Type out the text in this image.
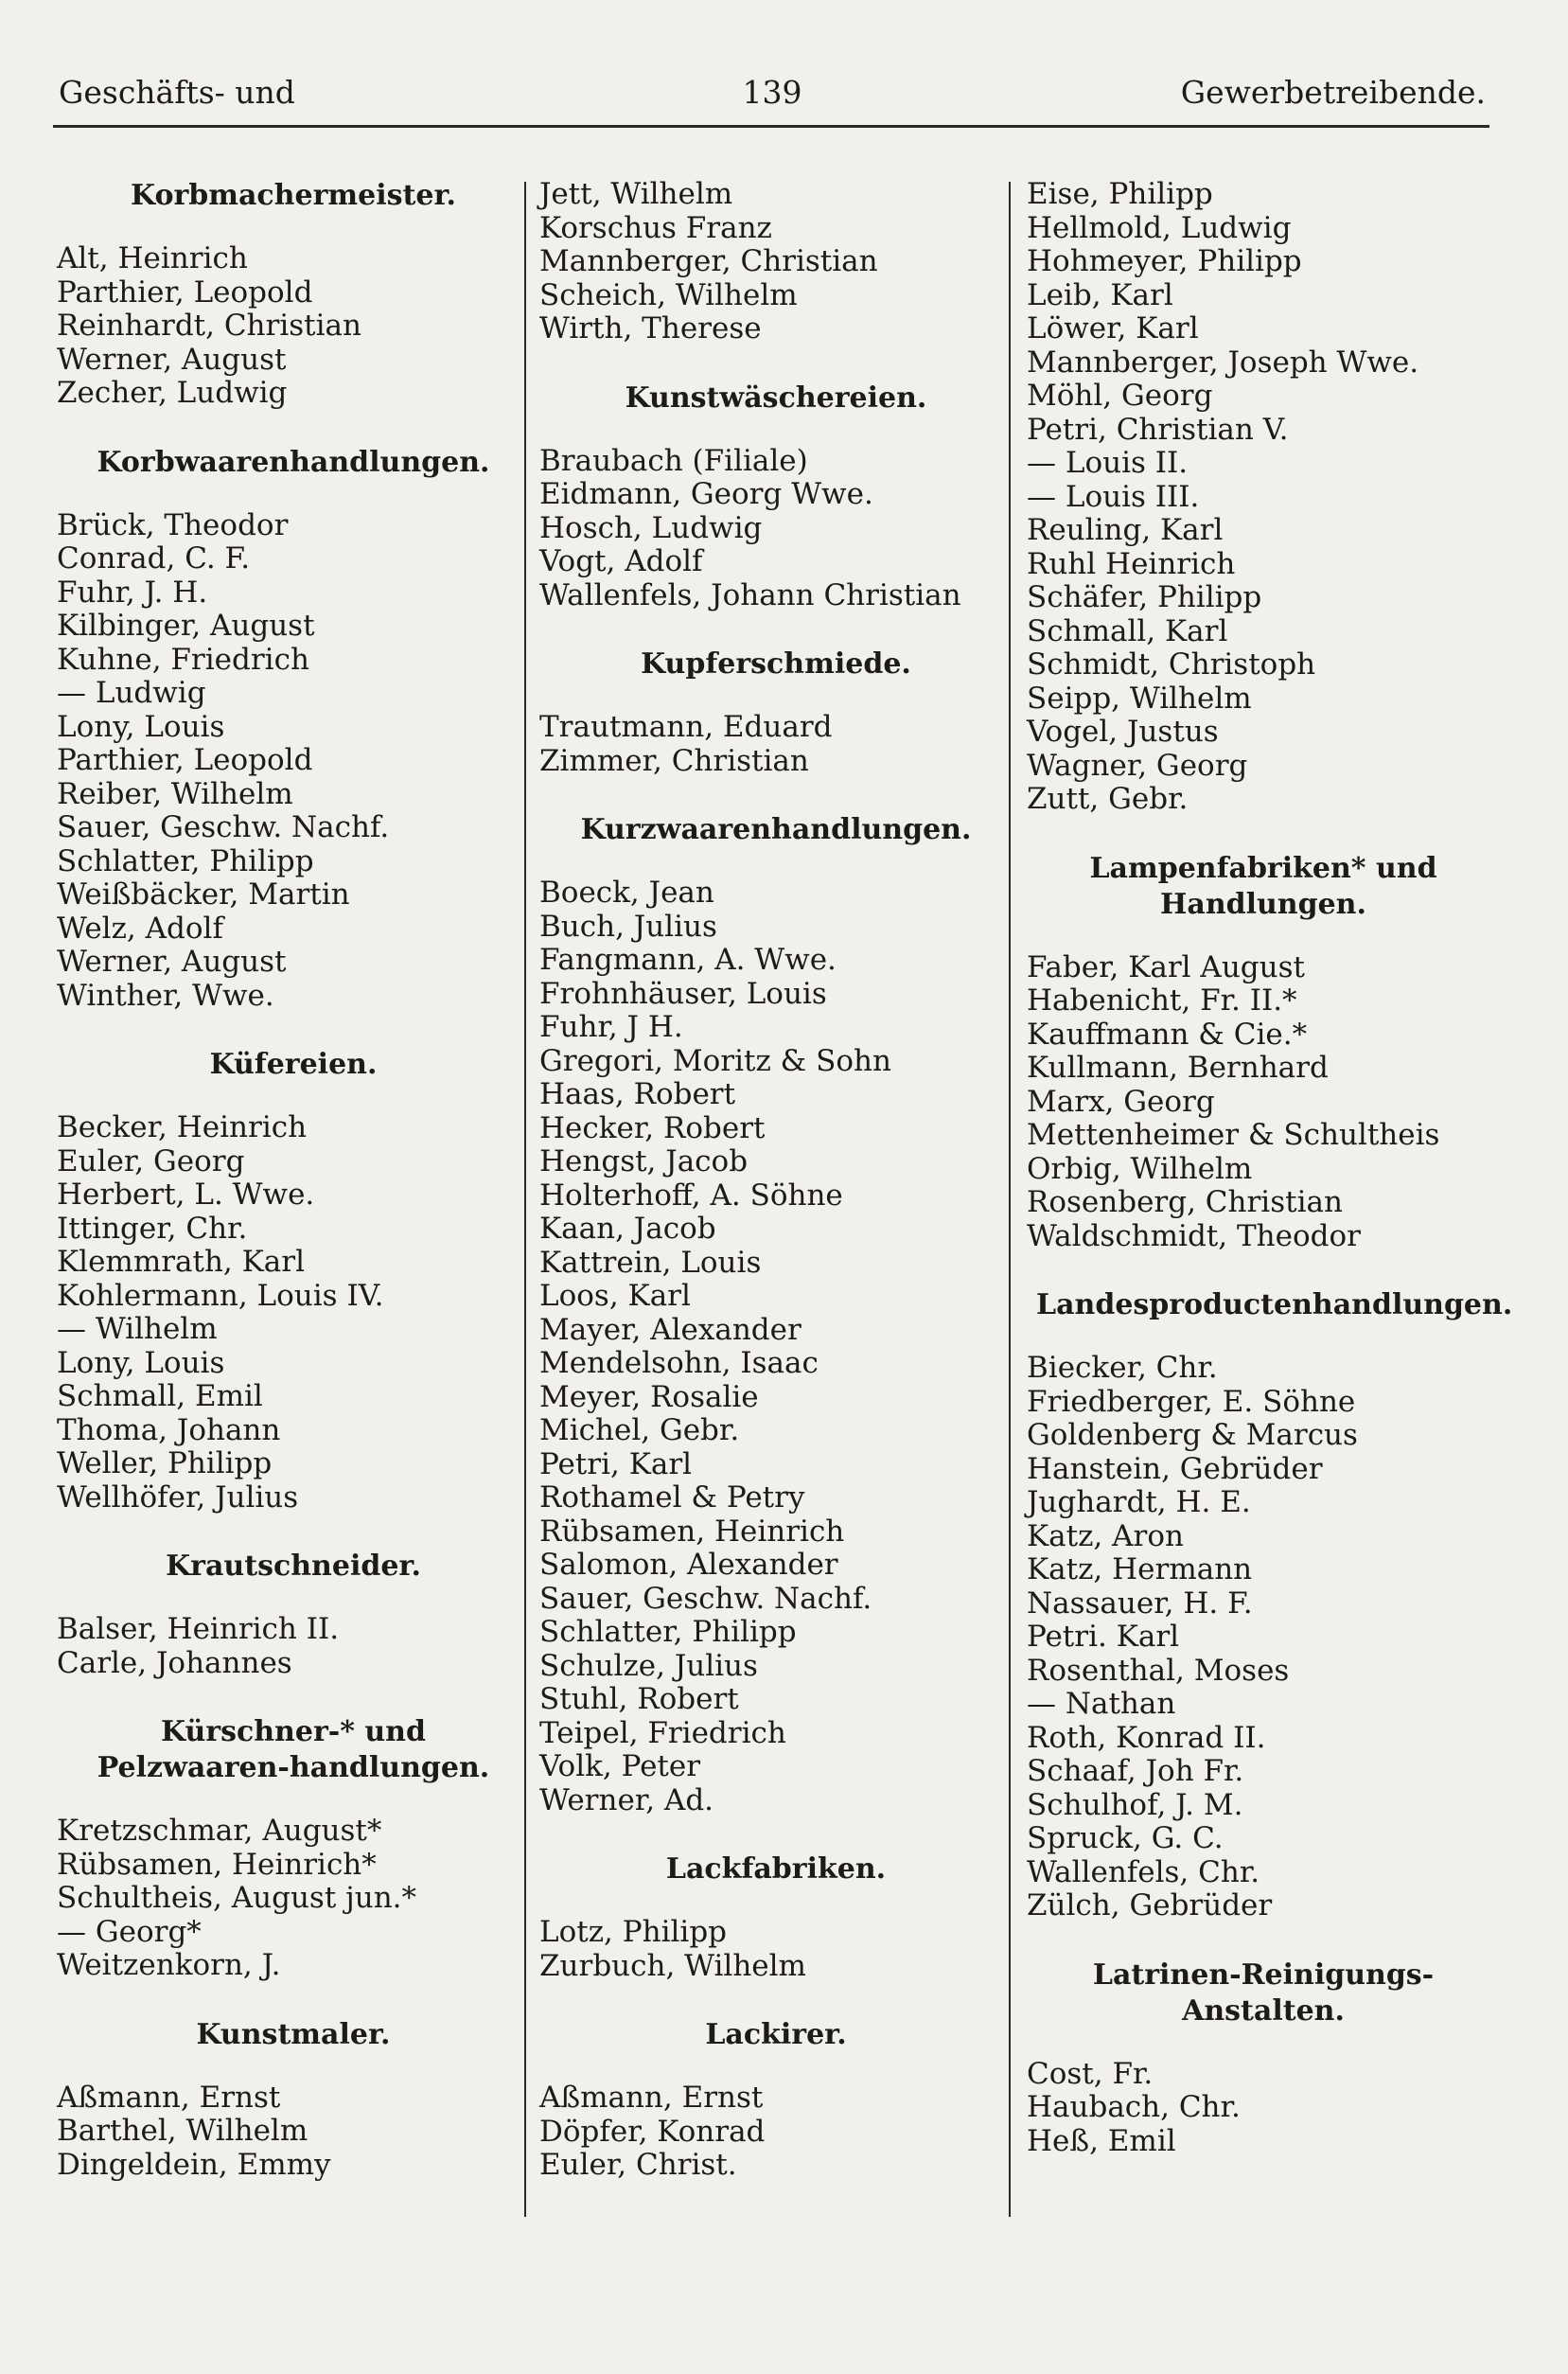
Geschäfts- und	139	Gewerbetreibende.
Korbmachermeister.
Alt, Heinrich
Parthier, Leopold
Reinhardt, Christian
Werner, August
Zecher, Ludwig
Korbwaarenhandlungen.
Brück, Theodor
Conrad, C. F.
Fuhr, J. H.
Kilbinger, August
Kuhne, Friedrich
— Ludwig
Lony, Louis
Parthier, Leopold
Reiber, Wilhelm
Sauer, Geschw. Nachf.
Schlatter, Philipp
Weißbäcker, Martin
Welz, Adolf
Werner, August
Winther, Wwe.
Küfereien.
Becker, Heinrich
Euler, Georg
Herbert, L. Wwe.
Ittinger, Chr.
Klemmrath, Karl
Kohlermann, Louis IV.
— Wilhelm
Lony, Louis
Schmall, Emil
Thoma, Johann
Weller, Philipp
Wellhöfer, Julius
Krautschneider.
Balser, Heinrich II.
Carle, Johannes
Kürschner-* und Pelzwaaren-handlungen.
Kretzschmar, August*
Rübsamen, Heinrich*
Schultheis, August jun.*
— Georg*
Weitzenkorn, J.
Kunstmaler.
Aßmann, Ernst
Barthel, Wilhelm
Dingeldein, Emmy
Jett, Wilhelm
Korschus Franz
Mannberger, Christian
Scheich, Wilhelm
Wirth, Therese
Kunstwäschereien.
Braubach (Filiale)
Eidmann, Georg Wwe.
Hosch, Ludwig
Vogt, Adolf
Wallenfels, Johann Christian
Kupferschmiede.
Trautmann, Eduard
Zimmer, Christian
Kurzwaarenhandlungen.
Boeck, Jean
Buch, Julius
Fangmann, A. Wwe.
Frohnhäuser, Louis
Fuhr, J H.
Gregori, Moritz & Sohn
Haas, Robert
Hecker, Robert
Hengst, Jacob
Holterhoff, A. Söhne
Kaan, Jacob
Kattrein, Louis
Loos, Karl
Mayer, Alexander
Mendelsohn, Isaac
Meyer, Rosalie
Michel, Gebr.
Petri, Karl
Rothamel & Petry
Rübsamen, Heinrich
Salomon, Alexander
Sauer, Geschw. Nachf.
Schlatter, Philipp
Schulze, Julius
Stuhl, Robert
Teipel, Friedrich
Volk, Peter
Werner, Ad.
Lackfabriken.
Lotz, Philipp
Zurbuch, Wilhelm
Lackirer.
Aßmann, Ernst
Döpfer, Konrad
Euler, Christ.
Eise, Philipp
Hellmold, Ludwig
Hohmeyer, Philipp
Leib, Karl
Löwer, Karl
Mannberger, Joseph Wwe.
Möhl, Georg
Petri, Christian V.
— Louis II.
— Louis III.
Reuling, Karl
Ruhl Heinrich
Schäfer, Philipp
Schmall, Karl
Schmidt, Christoph
Seipp, Wilhelm
Vogel, Justus
Wagner, Georg
Zutt, Gebr.
Lampenfabriken* und Handlungen.
Faber, Karl August
Habenicht, Fr. II.*
Kauffmann & Cie.*
Kullmann, Bernhard
Marx, Georg
Mettenheimer & Schultheis
Orbig, Wilhelm
Rosenberg, Christian
Waldschmidt, Theodor
Landesproductenhandlungen.
Biecker, Chr.
Friedberger, E. Söhne
Goldenberg & Marcus
Hanstein, Gebrüder
Jughardt, H. E.
Katz, Aron
Katz, Hermann
Nassauer, H. F.
Petri. Karl
Rosenthal, Moses
— Nathan
Roth, Konrad II.
Schaaf, Joh Fr.
Schulhof, J. M.
Spruck, G. C.
Wallenfels, Chr.
Zülch, Gebrüder
Latrinen-Reinigungs-Anstalten.
Cost, Fr.
Haubach, Chr.
Heß, Emil
